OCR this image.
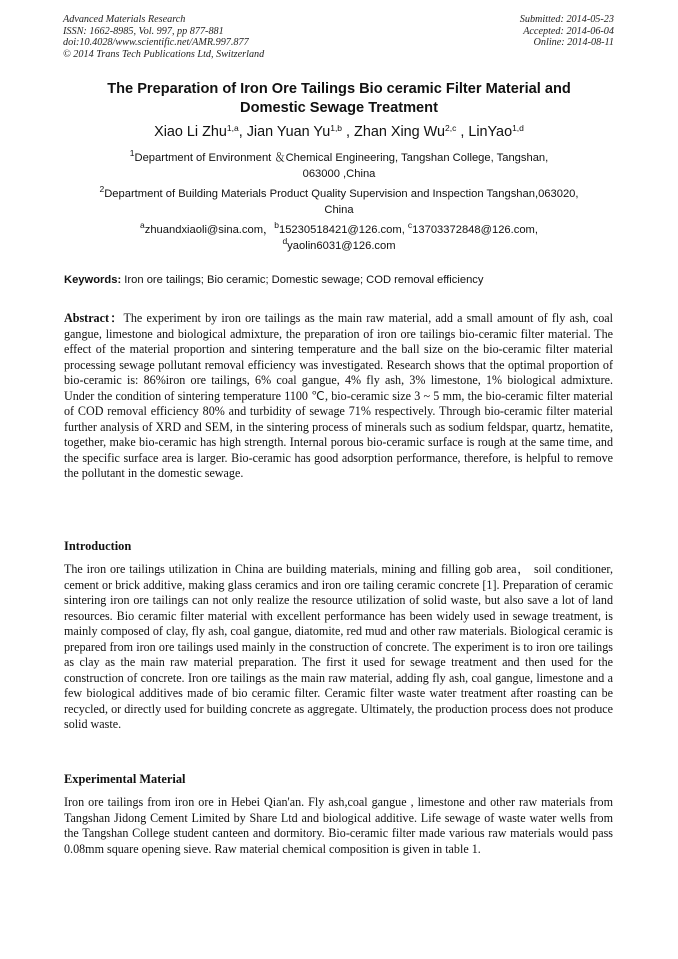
Advanced Materials Research
ISSN: 1662-8985, Vol. 997, pp 877-881
doi:10.4028/www.scientific.net/AMR.997.877
© 2014 Trans Tech Publications Ltd, Switzerland
Submitted: 2014-05-23
Accepted: 2014-06-04
Online: 2014-08-11
The Preparation of Iron Ore Tailings Bio ceramic Filter Material and
Domestic Sewage Treatment
Xiao Li Zhu$^{1,a}$, Jian Yuan Yu$^{1,b}$ , Zhan Xing Wu$^{2,c}$ , LinYao$^{1,d}$
$^1$Department of Environment ＆Chemical Engineering, Tangshan College, Tangshan,
063000 ,China
$^2$Department of Building Materials Product Quality Supervision and Inspection Tangshan,063020,
China
$^a$zhuandxiaoli@sina.com，$^b$15230518421@126.com, $^c$13703372848@126.com,
$^d$yaolin6031@126.com
Keywords: Iron ore tailings; Bio ceramic; Domestic sewage; COD removal efficiency
Abstract：The experiment by iron ore tailings as the main raw material, add a small amount of fly ash, coal gangue, limestone and biological admixture, the preparation of iron ore tailings bio-ceramic filter material. The effect of the material proportion and sintering temperature and the ball size on the bio-ceramic filter material processing sewage pollutant removal efficiency was investigated. Research shows that the optimal proportion of bio-ceramic is: 86%iron ore tailings, 6% coal gangue, 4% fly ash, 3% limestone, 1% biological admixture. Under the condition of sintering temperature 1100 ℃, bio-ceramic size 3 ~ 5 mm, the bio-ceramic filter material of COD removal efficiency 80% and turbidity of sewage 71% respectively. Through bio-ceramic filter material further analysis of XRD and SEM, in the sintering process of minerals such as sodium feldspar, quartz, hematite, together, make bio-ceramic has high strength. Internal porous bio-ceramic surface is rough at the same time, and the specific surface area is larger. Bio-ceramic has good adsorption performance, therefore, is helpful to remove the pollutant in the domestic sewage.
Introduction
The iron ore tailings utilization in China are building materials, mining and filling gob area， soil conditioner, cement or brick additive, making glass ceramics and iron ore tailing ceramic concrete [1]. Preparation of ceramic sintering iron ore tailings can not only realize the resource utilization of solid waste, but also save a lot of land resources. Bio ceramic filter material with excellent performance has been widely used in sewage treatment, is mainly composed of clay, fly ash, coal gangue, diatomite, red mud and other raw materials. Biological ceramic is prepared from iron ore tailings used mainly in the construction of concrete. The experiment is to iron ore tailings as clay as the main raw material preparation. The first it used for sewage treatment and then used for the construction of concrete. Iron ore tailings as the main raw material, adding fly ash, coal gangue, limestone and a few biological additives made of bio ceramic filter. Ceramic filter waste water treatment after roasting can be recycled, or directly used for building concrete as aggregate. Ultimately, the production process does not produce solid waste.
Experimental Material
Iron ore tailings from iron ore in Hebei Qian'an. Fly ash,coal gangue , limestone and other raw materials from Tangshan Jidong Cement Limited by Share Ltd and biological additive. Life sewage of waste water wells from the Tangshan College student canteen and dormitory. Bio-ceramic filter made various raw materials would pass 0.08mm square opening sieve. Raw material chemical composition is given in table 1.
